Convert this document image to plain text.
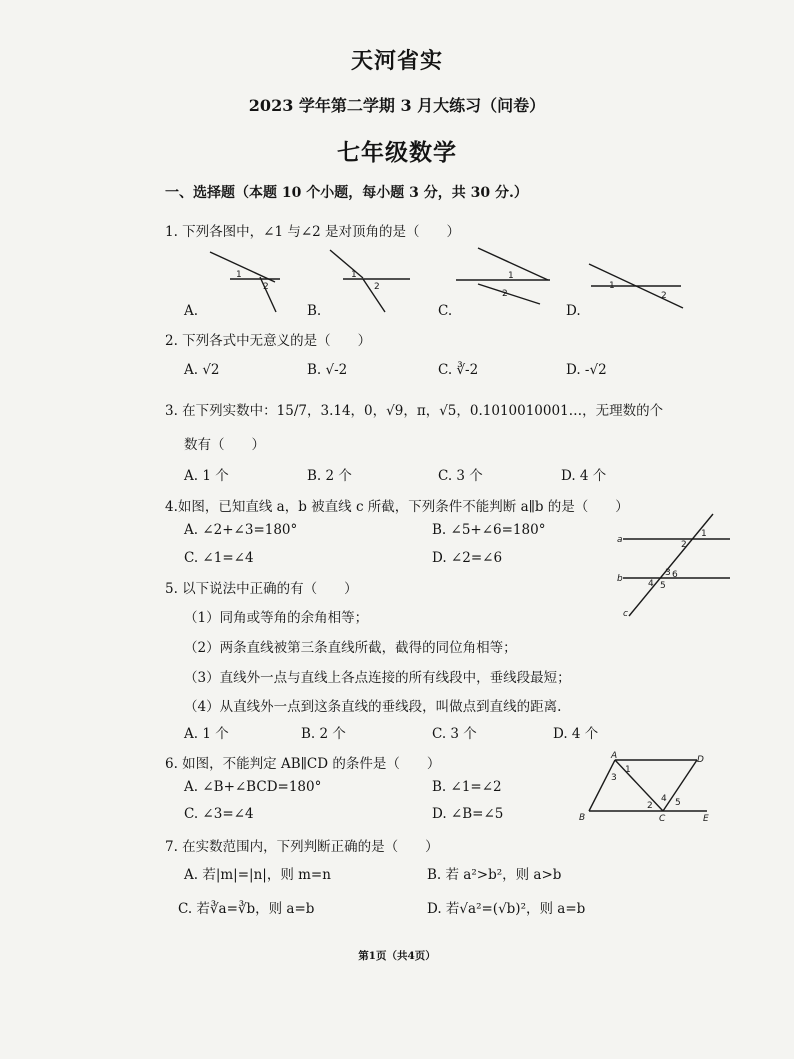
天河省实
2023 学年第二学期 3 月大练习（问卷）
七年级数学
一、选择题（本题 10 个小题，每小题 3 分，共 30 分.）
1. 下列各图中，∠1 与∠2 是对顶角的是（　　）
1
2
1
2
1
2
1
2
A.	B.	C.	D.
2. 下列各式中无意义的是（　　）
A. √2	B. √-2	C. ∛-2	D. -√2
3. 在下列实数中：15/7，3.14，0，√9，π，√5，0.1010010001…，无理数的个
数有（　　）
A. 1 个	B. 2 个	C. 3 个	D. 4 个
4.如图，已知直线 a，b 被直线 c 所截，下列条件不能判断 a∥b 的是（　　）
A. ∠2+∠3=180°	B. ∠5+∠6=180°
C. ∠1=∠4	D. ∠2=∠6
a
b
c
1
2
3
4 5
6
5. 以下说法中正确的有（　　）
（1）同角或等角的余角相等；
（2）两条直线被第三条直线所截，截得的同位角相等；
（3）直线外一点与直线上各点连接的所有线段中，垂线段最短；
（4）从直线外一点到这条直线的垂线段，叫做点到直线的距离.
A. 1 个	B. 2 个	C. 3 个	D. 4 个
6. 如图，不能判定 AB∥CD 的条件是（　　）
A. ∠B+∠BCD=180°	B. ∠1=∠2
C. ∠3=∠4	D. ∠B=∠5
A	D
B	C	E
1
3
2
4 5
7. 在实数范围内，下列判断正确的是（　　）
A. 若|m|=|n|，则 m=n	B. 若 a²>b²，则 a>b
C. 若∛a=∛b，则 a=b	D. 若√a²=(√b)²，则 a=b
第1页（共4页）
